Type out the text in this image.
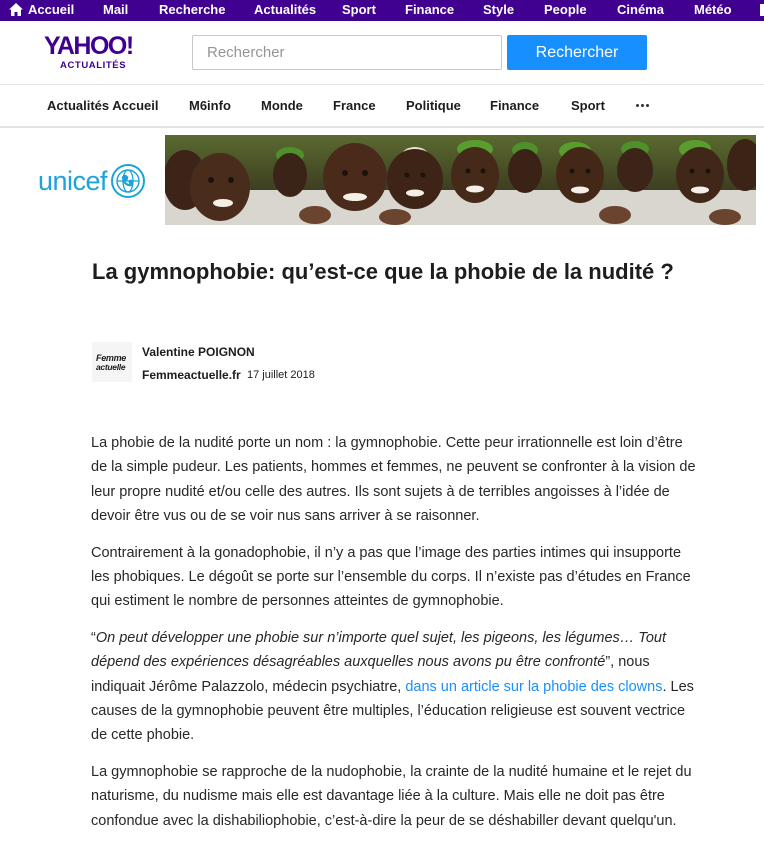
Accueil Mail Recherche Actualités Sport Finance Style People Cinéma Météo
YAHOO!
ACTUALITÉS
Rechercher
Rechercher
Actualités Accueil M6info Monde France Politique Finance Sport
unicef
La gymnophobie: qu’est-ce que la phobie de la nudité ?
Femme
actuelle
Valentine POIGNON
Femmeactuelle.fr 17 juillet 2018

La phobie de la nudité porte un nom : la gymnophobie. Cette peur irrationnelle est loin d’être de la simple pudeur. Les patients, hommes et femmes, ne peuvent se confronter à la vision de leur propre nudité et/ou celle des autres. Ils sont sujets à de terribles angoisses à l’idée de devoir être vus ou de se voir nus sans arriver à se raisonner.

Contrairement à la gonadophobie, il n’y a pas que l’image des parties intimes qui insupporte les phobiques. Le dégoût se porte sur l’ensemble du corps. Il n’existe pas d’études en France qui estiment le nombre de personnes atteintes de gymnophobie.

“On peut développer une phobie sur n’importe quel sujet, les pigeons, les légumes… Tout dépend des expériences désagréables auxquelles nous avons pu être confronté”, nous indiquait Jérôme Palazzolo, médecin psychiatre, dans un article sur la phobie des clowns. Les causes de la gymnophobie peuvent être multiples, l’éducation religieuse est souvent vectrice de cette phobie.

La gymnophobie se rapproche de la nudophobie, la crainte de la nudité humaine et le rejet du naturisme, du nudisme mais elle est davantage liée à la culture. Mais elle ne doit pas être confondue avec la dishabiliophobie, c’est-à-dire la peur de se déshabiller devant quelqu'un.
